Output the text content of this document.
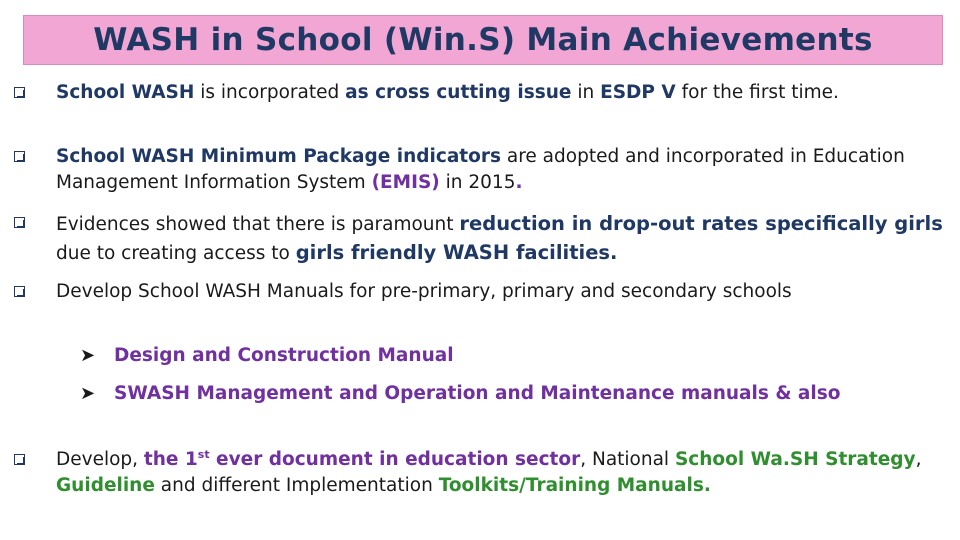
WASH in School (Win.S) Main Achievements
School WASH is incorporated as cross cutting issue in ESDP V for the first time.
School WASH Minimum Package indicators are adopted and incorporated in Education Management Information System (EMIS) in 2015.
Evidences showed that there is paramount reduction in drop-out rates specifically girls due to creating access to girls friendly WASH facilities.
Develop School WASH Manuals for pre-primary, primary and secondary schools
➤ Design and Construction Manual
➤ SWASH Management and Operation and Maintenance manuals & also
Develop, the 1st ever document in education sector, National School Wa.SH Strategy, Guideline and different Implementation Toolkits/Training Manuals.
